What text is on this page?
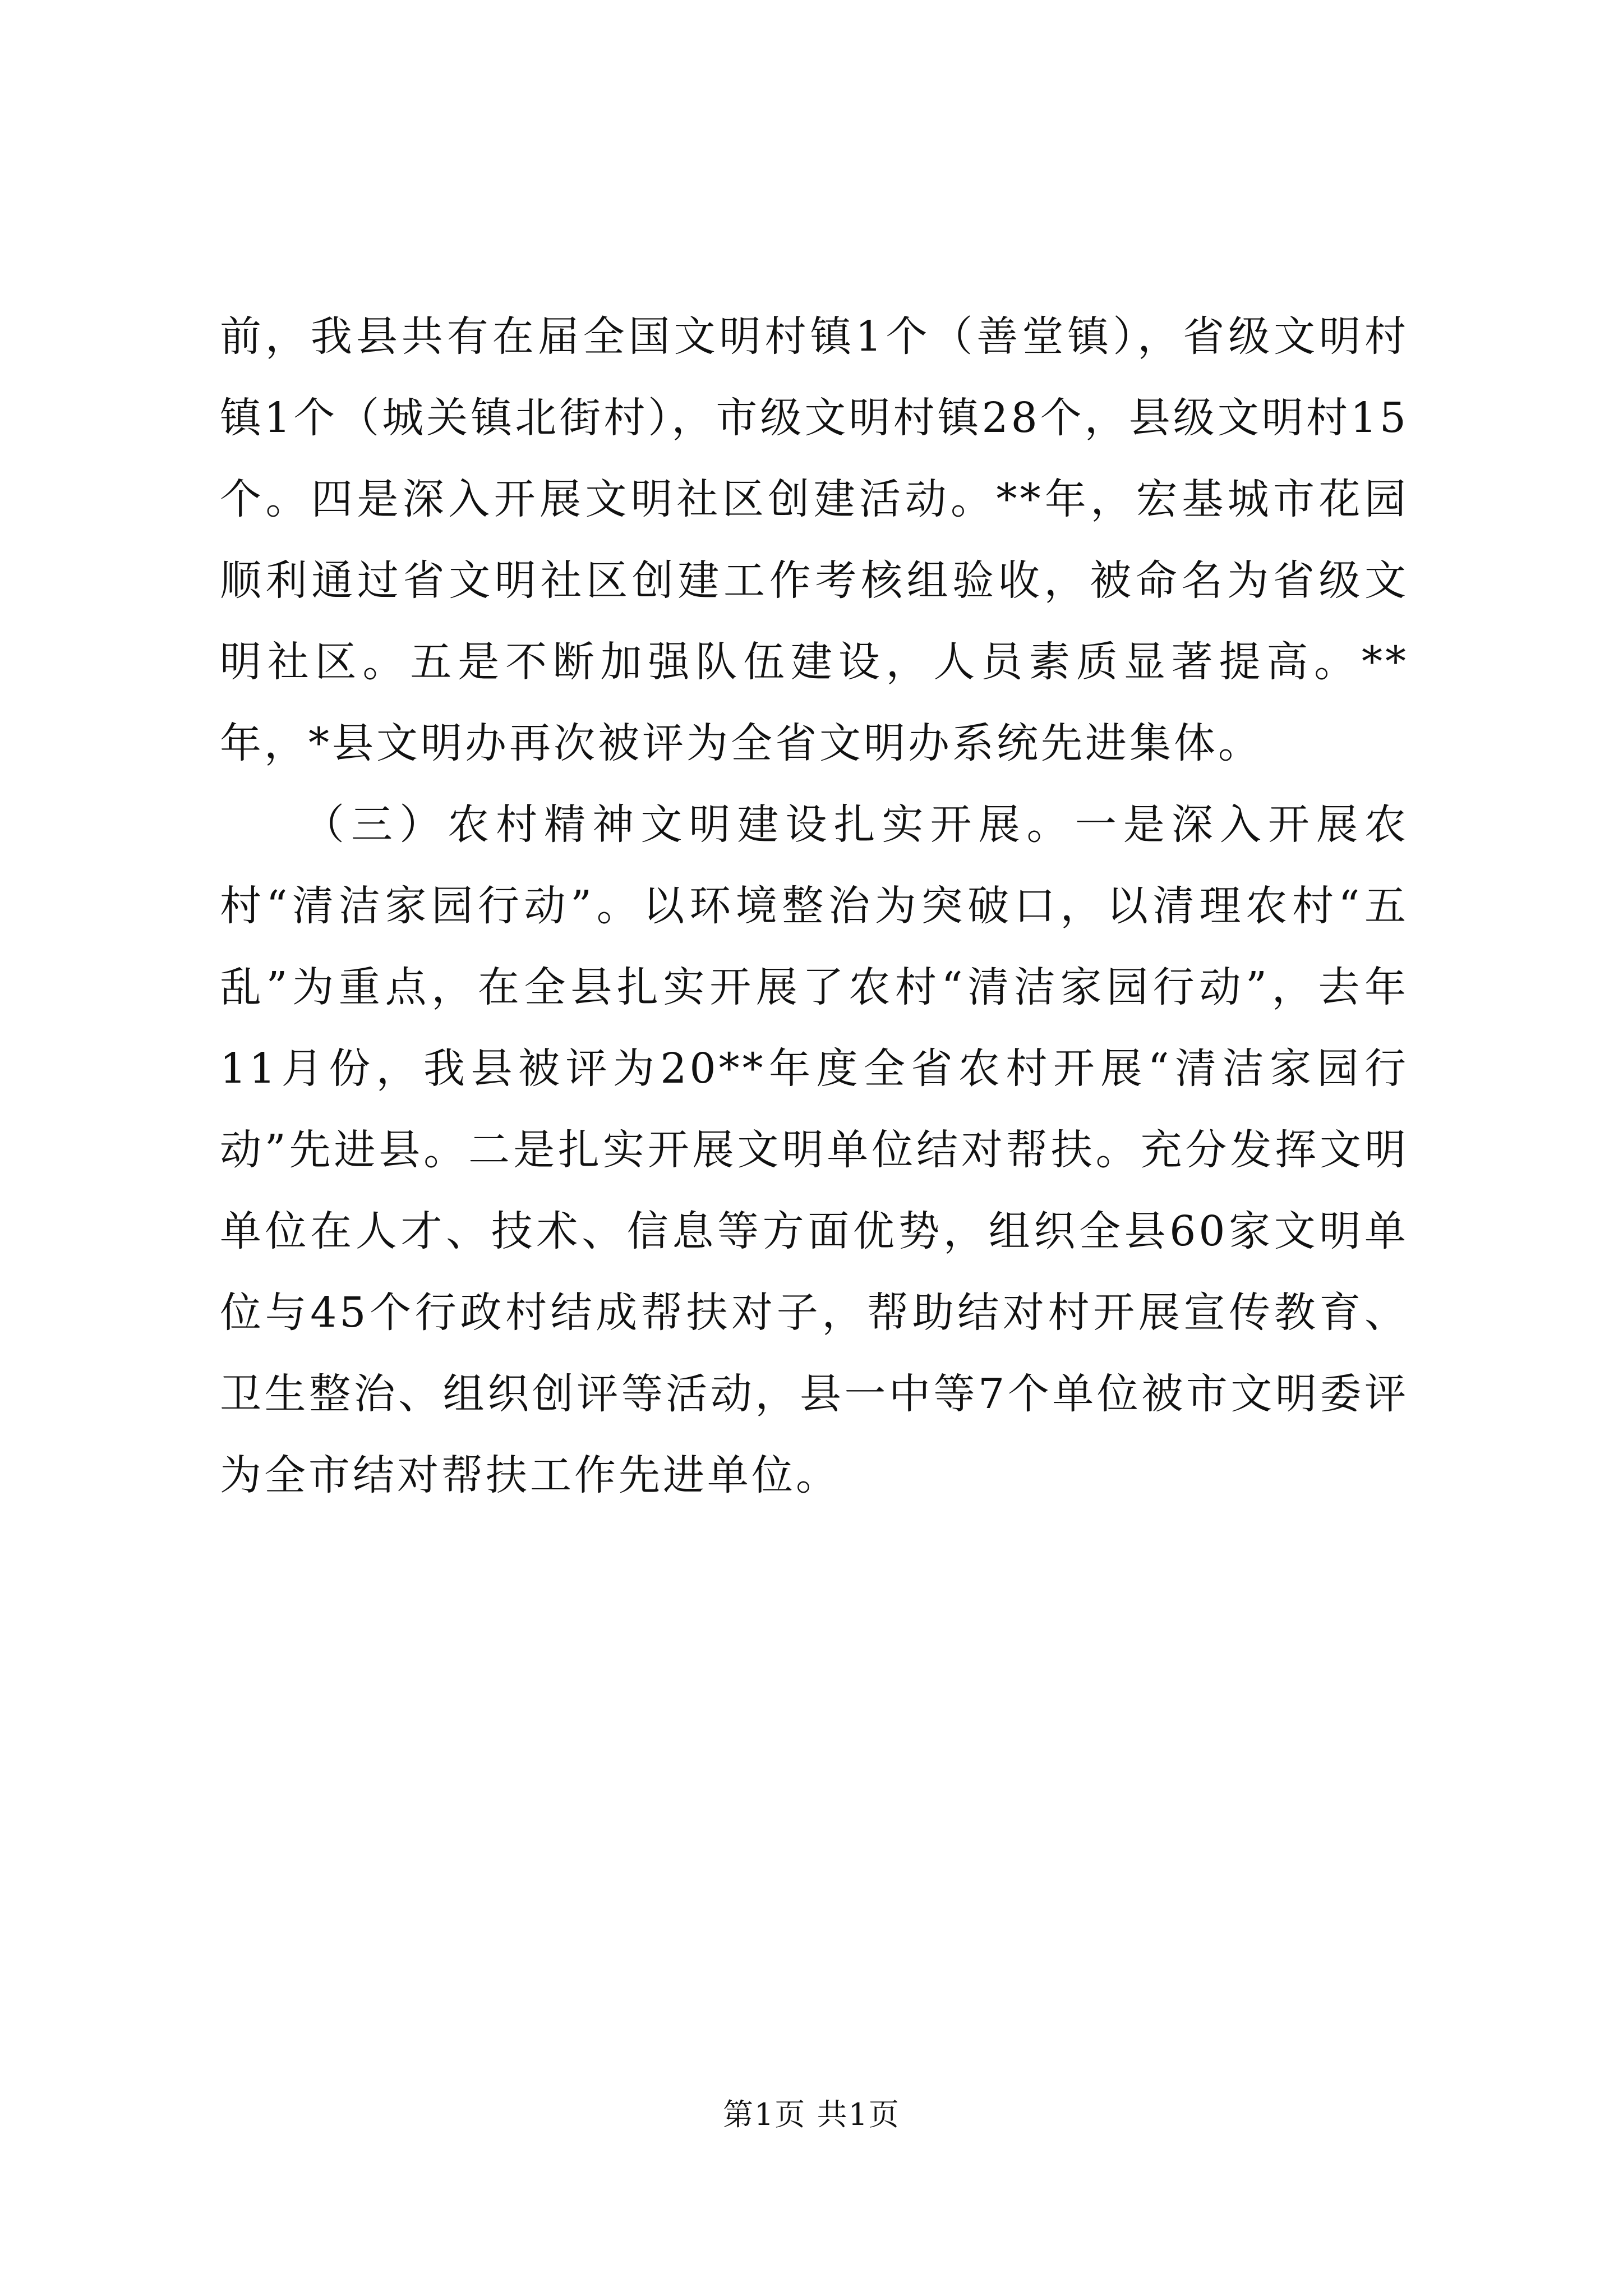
前，我县共有在届全国文明村镇1个（善堂镇），省级文明村镇1个（城关镇北街村），市级文明村镇28个，县级文明村15个。四是深入开展文明社区创建活动。**年，宏基城市花园顺利通过省文明社区创建工作考核组验收，被命名为省级文明社区。五是不断加强队伍建设，人员素质显著提高。**年，*县文明办再次被评为全省文明办系统先进集体。

（三）农村精神文明建设扎实开展。一是深入开展农村“清洁家园行动”。以环境整治为突破口，以清理农村“五乱”为重点，在全县扎实开展了农村“清洁家园行动”，去年11月份，我县被评为20**年度全省农村开展“清洁家园行动”先进县。二是扎实开展文明单位结对帮扶。充分发挥文明单位在人才、技术、信息等方面优势，组织全县60家文明单位与45个行政村结成帮扶对子，帮助结对村开展宣传教育、卫生整治、组织创评等活动，县一中等7个单位被市文明委评为全市结对帮扶工作先进单位。

第1页 共1页
